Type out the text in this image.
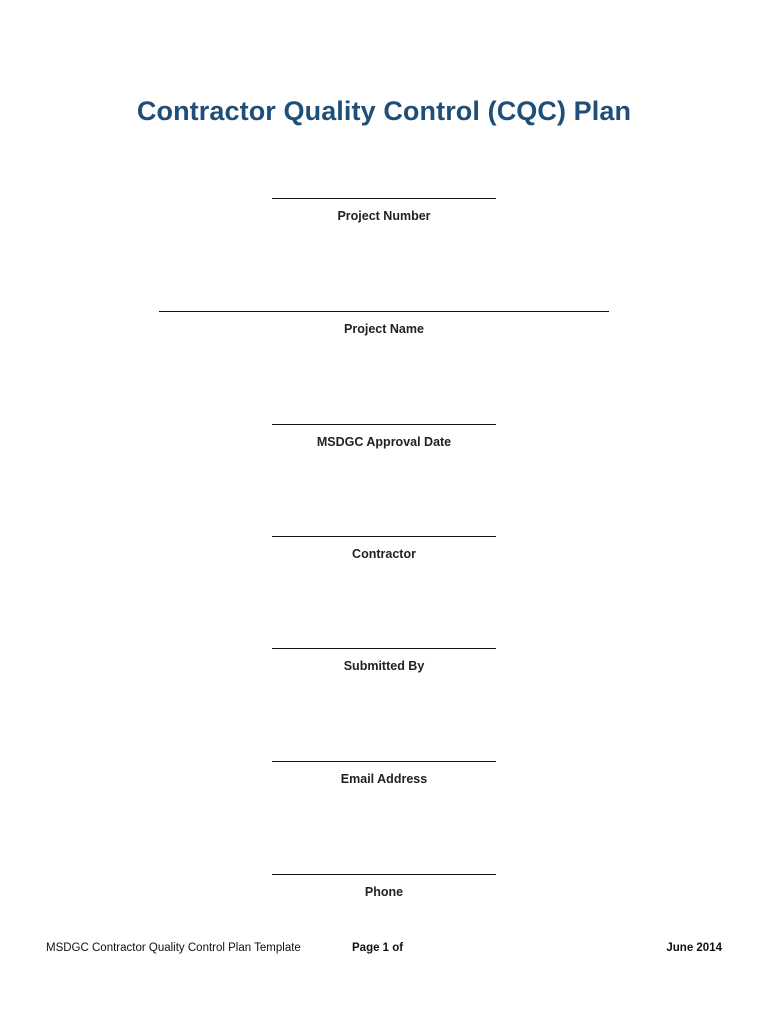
Contractor Quality Control (CQC) Plan
Project Number
Project Name
MSDGC Approval Date
Contractor
Submitted By
Email Address
Phone
MSDGC Contractor Quality Control Plan Template	Page 1 of	June 2014
